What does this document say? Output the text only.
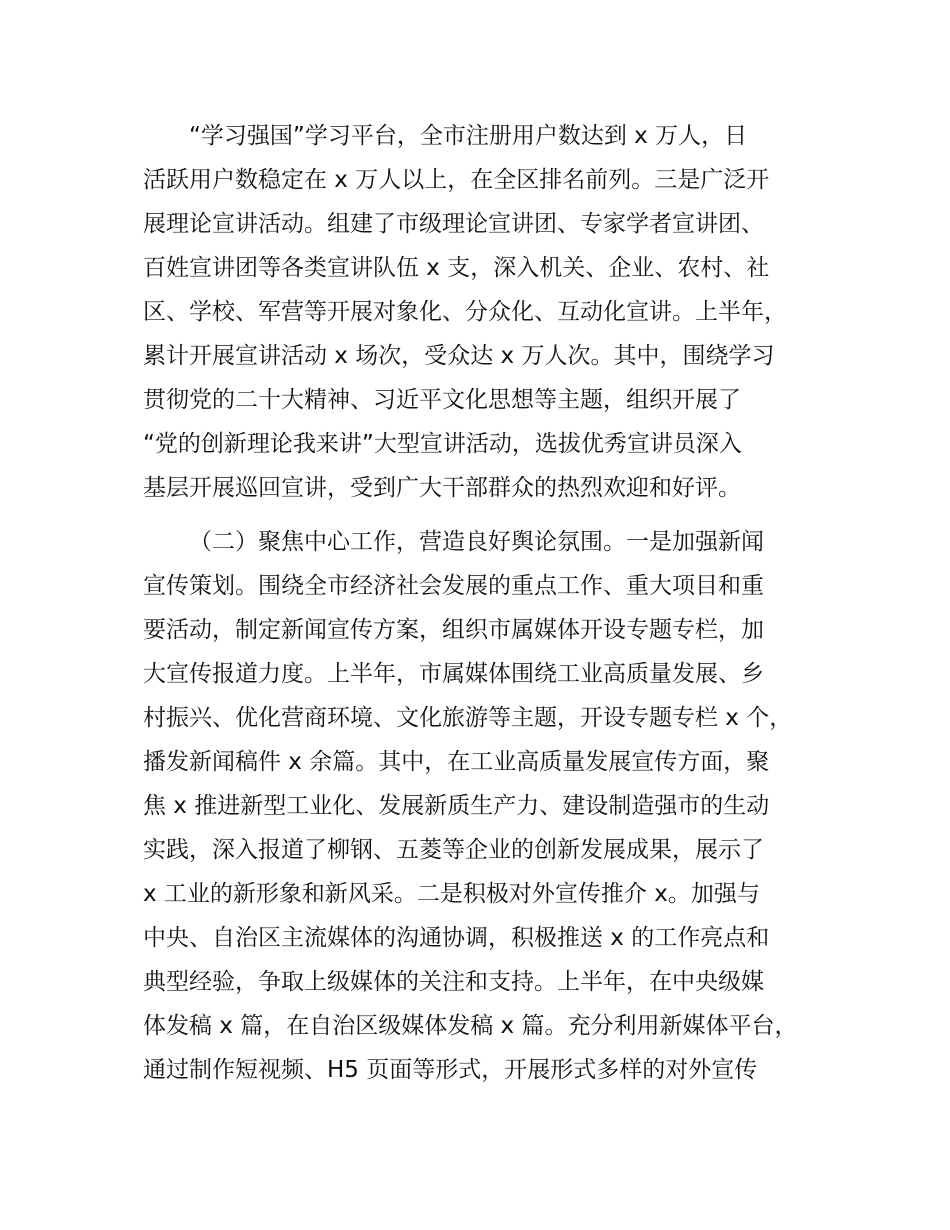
“学习强国”学习平台，全市注册用户数达到 x 万人，日
活跃用户数稳定在 x 万人以上，在全区排名前列。三是广泛开
展理论宣讲活动。组建了市级理论宣讲团、专家学者宣讲团、
百姓宣讲团等各类宣讲队伍 x 支，深入机关、企业、农村、社
区、学校、军营等开展对象化、分众化、互动化宣讲。上半年，
累计开展宣讲活动 x 场次，受众达 x 万人次。其中，围绕学习
贯彻党的二十大精神、习近平文化思想等主题，组织开展了
“党的创新理论我来讲”大型宣讲活动，选拔优秀宣讲员深入
基层开展巡回宣讲，受到广大干部群众的热烈欢迎和好评。
（二）聚焦中心工作，营造良好舆论氛围。一是加强新闻
宣传策划。围绕全市经济社会发展的重点工作、重大项目和重
要活动，制定新闻宣传方案，组织市属媒体开设专题专栏，加
大宣传报道力度。上半年，市属媒体围绕工业高质量发展、乡
村振兴、优化营商环境、文化旅游等主题，开设专题专栏 x 个，
播发新闻稿件 x 余篇。其中，在工业高质量发展宣传方面，聚
焦 x 推进新型工业化、发展新质生产力、建设制造强市的生动
实践，深入报道了柳钢、五菱等企业的创新发展成果，展示了
x 工业的新形象和新风采。二是积极对外宣传推介 x。加强与
中央、自治区主流媒体的沟通协调，积极推送 x 的工作亮点和
典型经验，争取上级媒体的关注和支持。上半年，在中央级媒
体发稿 x 篇，在自治区级媒体发稿 x 篇。充分利用新媒体平台，
通过制作短视频、H5 页面等形式，开展形式多样的对外宣传
